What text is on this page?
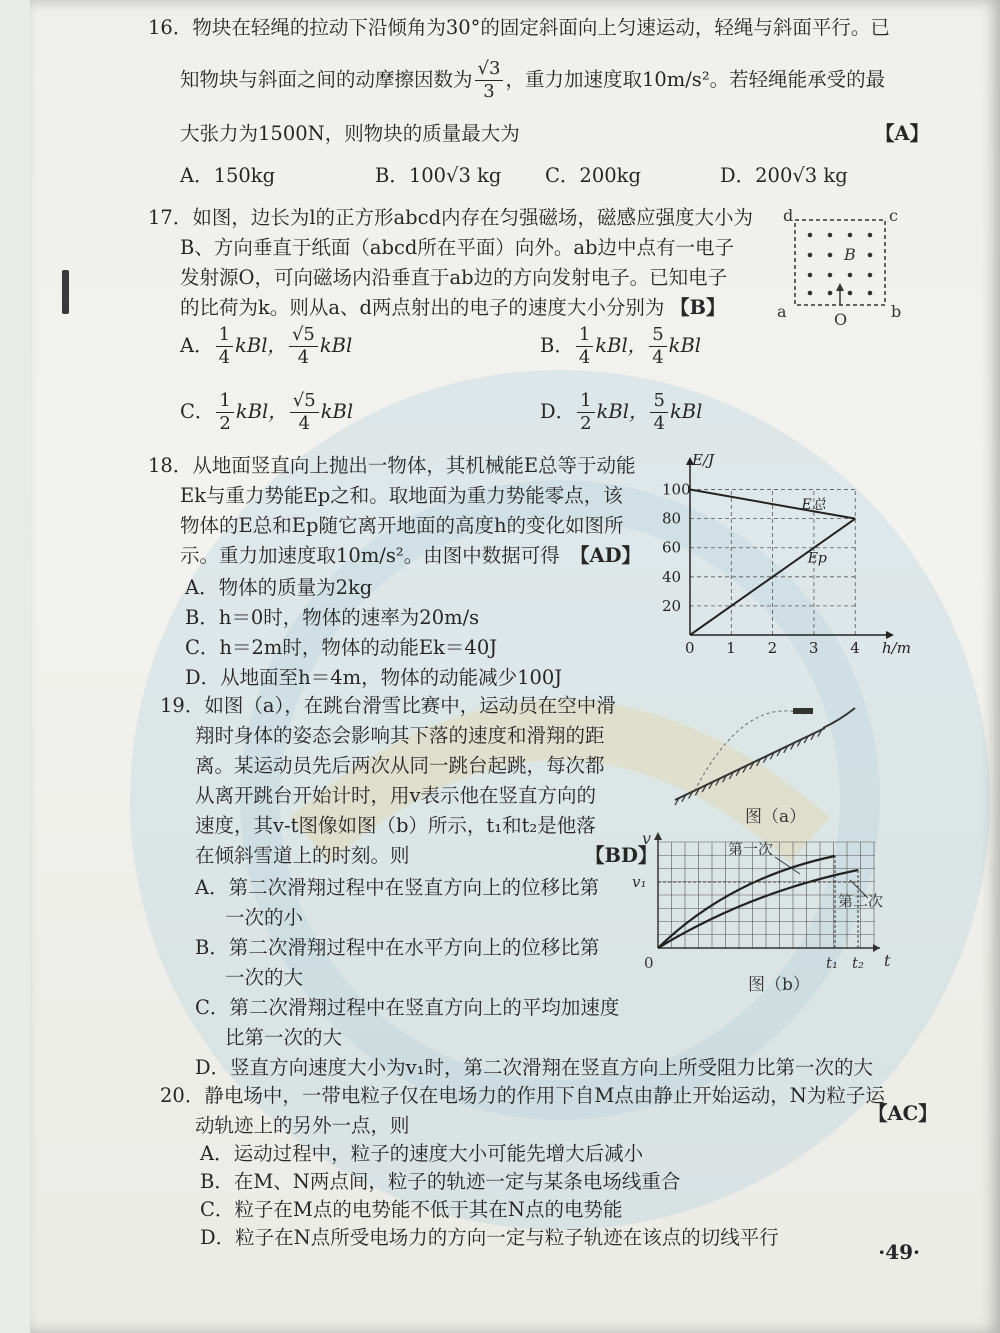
16．物块在轻绳的拉动下沿倾角为30°的固定斜面向上匀速运动，轻绳与斜面平行。已
知物块与斜面之间的动摩擦因数为 $\frac{√3}{3}$ ，重力加速度取10m/s²。若轻绳能承受的最
大张力为1500N，则物块的质量最大为	【A】
A．150kg	B．100√3 kg C．200kg	D．200√3 kg
17．如图，边长为l的正方形abcd内存在匀强磁场，磁感应强度大小为
B、方向垂直于纸面（abcd所在平面）向外。ab边中点有一电子
发射源O，可向磁场内沿垂直于ab边的方向发射电子。已知电子
的比荷为k。则从a、d两点射出的电子的速度大小分别为 【B】
A． $\frac{1}{4}$ kBl， $\frac{√5}{4}$ kBl	B． $\frac{1}{4}$ kBl， $\frac{5}{4}$ kBl
C． $\frac{1}{2}$ kBl， $\frac{√5}{4}$ kBl	D． $\frac{1}{2}$ kBl， $\frac{5}{4}$ kBl
d	c
a	b
O
B
18．从地面竖直向上抛出一物体，其机械能E总等于动能
Ek与重力势能Ep之和。取地面为重力势能零点，该
物体的E总和Ep随它离开地面的高度h的变化如图所
示。重力加速度取10m/s²。由图中数据可得 【AD】
A．物体的质量为2kg
B．h＝0时，物体的速率为20m/s
C．h＝2m时，物体的动能Ek＝40J
D．从地面至h＝4m，物体的动能减少100J
0 1 2 3 4
20
40
60
80
100
E/J
h/m
E总
Ep
19．如图（a），在跳台滑雪比赛中，运动员在空中滑
翔时身体的姿态会影响其下落的速度和滑翔的距
离。某运动员先后两次从同一跳台起跳，每次都
从离开跳台开始计时，用v表示他在竖直方向的
速度，其v-t图像如图（b）所示，t₁和t₂是他落
在倾斜雪道上的时刻。则	【BD】
A．第二次滑翔过程中在竖直方向上的位移比第
一次的小
B．第二次滑翔过程中在水平方向上的位移比第
一次的大
C．第二次滑翔过程中在竖直方向上的平均加速度
比第一次的大
D．竖直方向速度大小为v₁时，第二次滑翔在竖直方向上所受阻力比第一次的大
图（a）
v
v₁
0	t₁ t₂ t
第一次
第二次
图（b）
20．静电场中，一带电粒子仅在电场力的作用下自M点由静止开始运动，N为粒子运
动轨迹上的另外一点，则
【AC】
A．运动过程中，粒子的速度大小可能先增大后减小
B．在M、N两点间，粒子的轨迹一定与某条电场线重合
C．粒子在M点的电势能不低于其在N点的电势能
D．粒子在N点所受电场力的方向一定与粒子轨迹在该点的切线平行
·49·
